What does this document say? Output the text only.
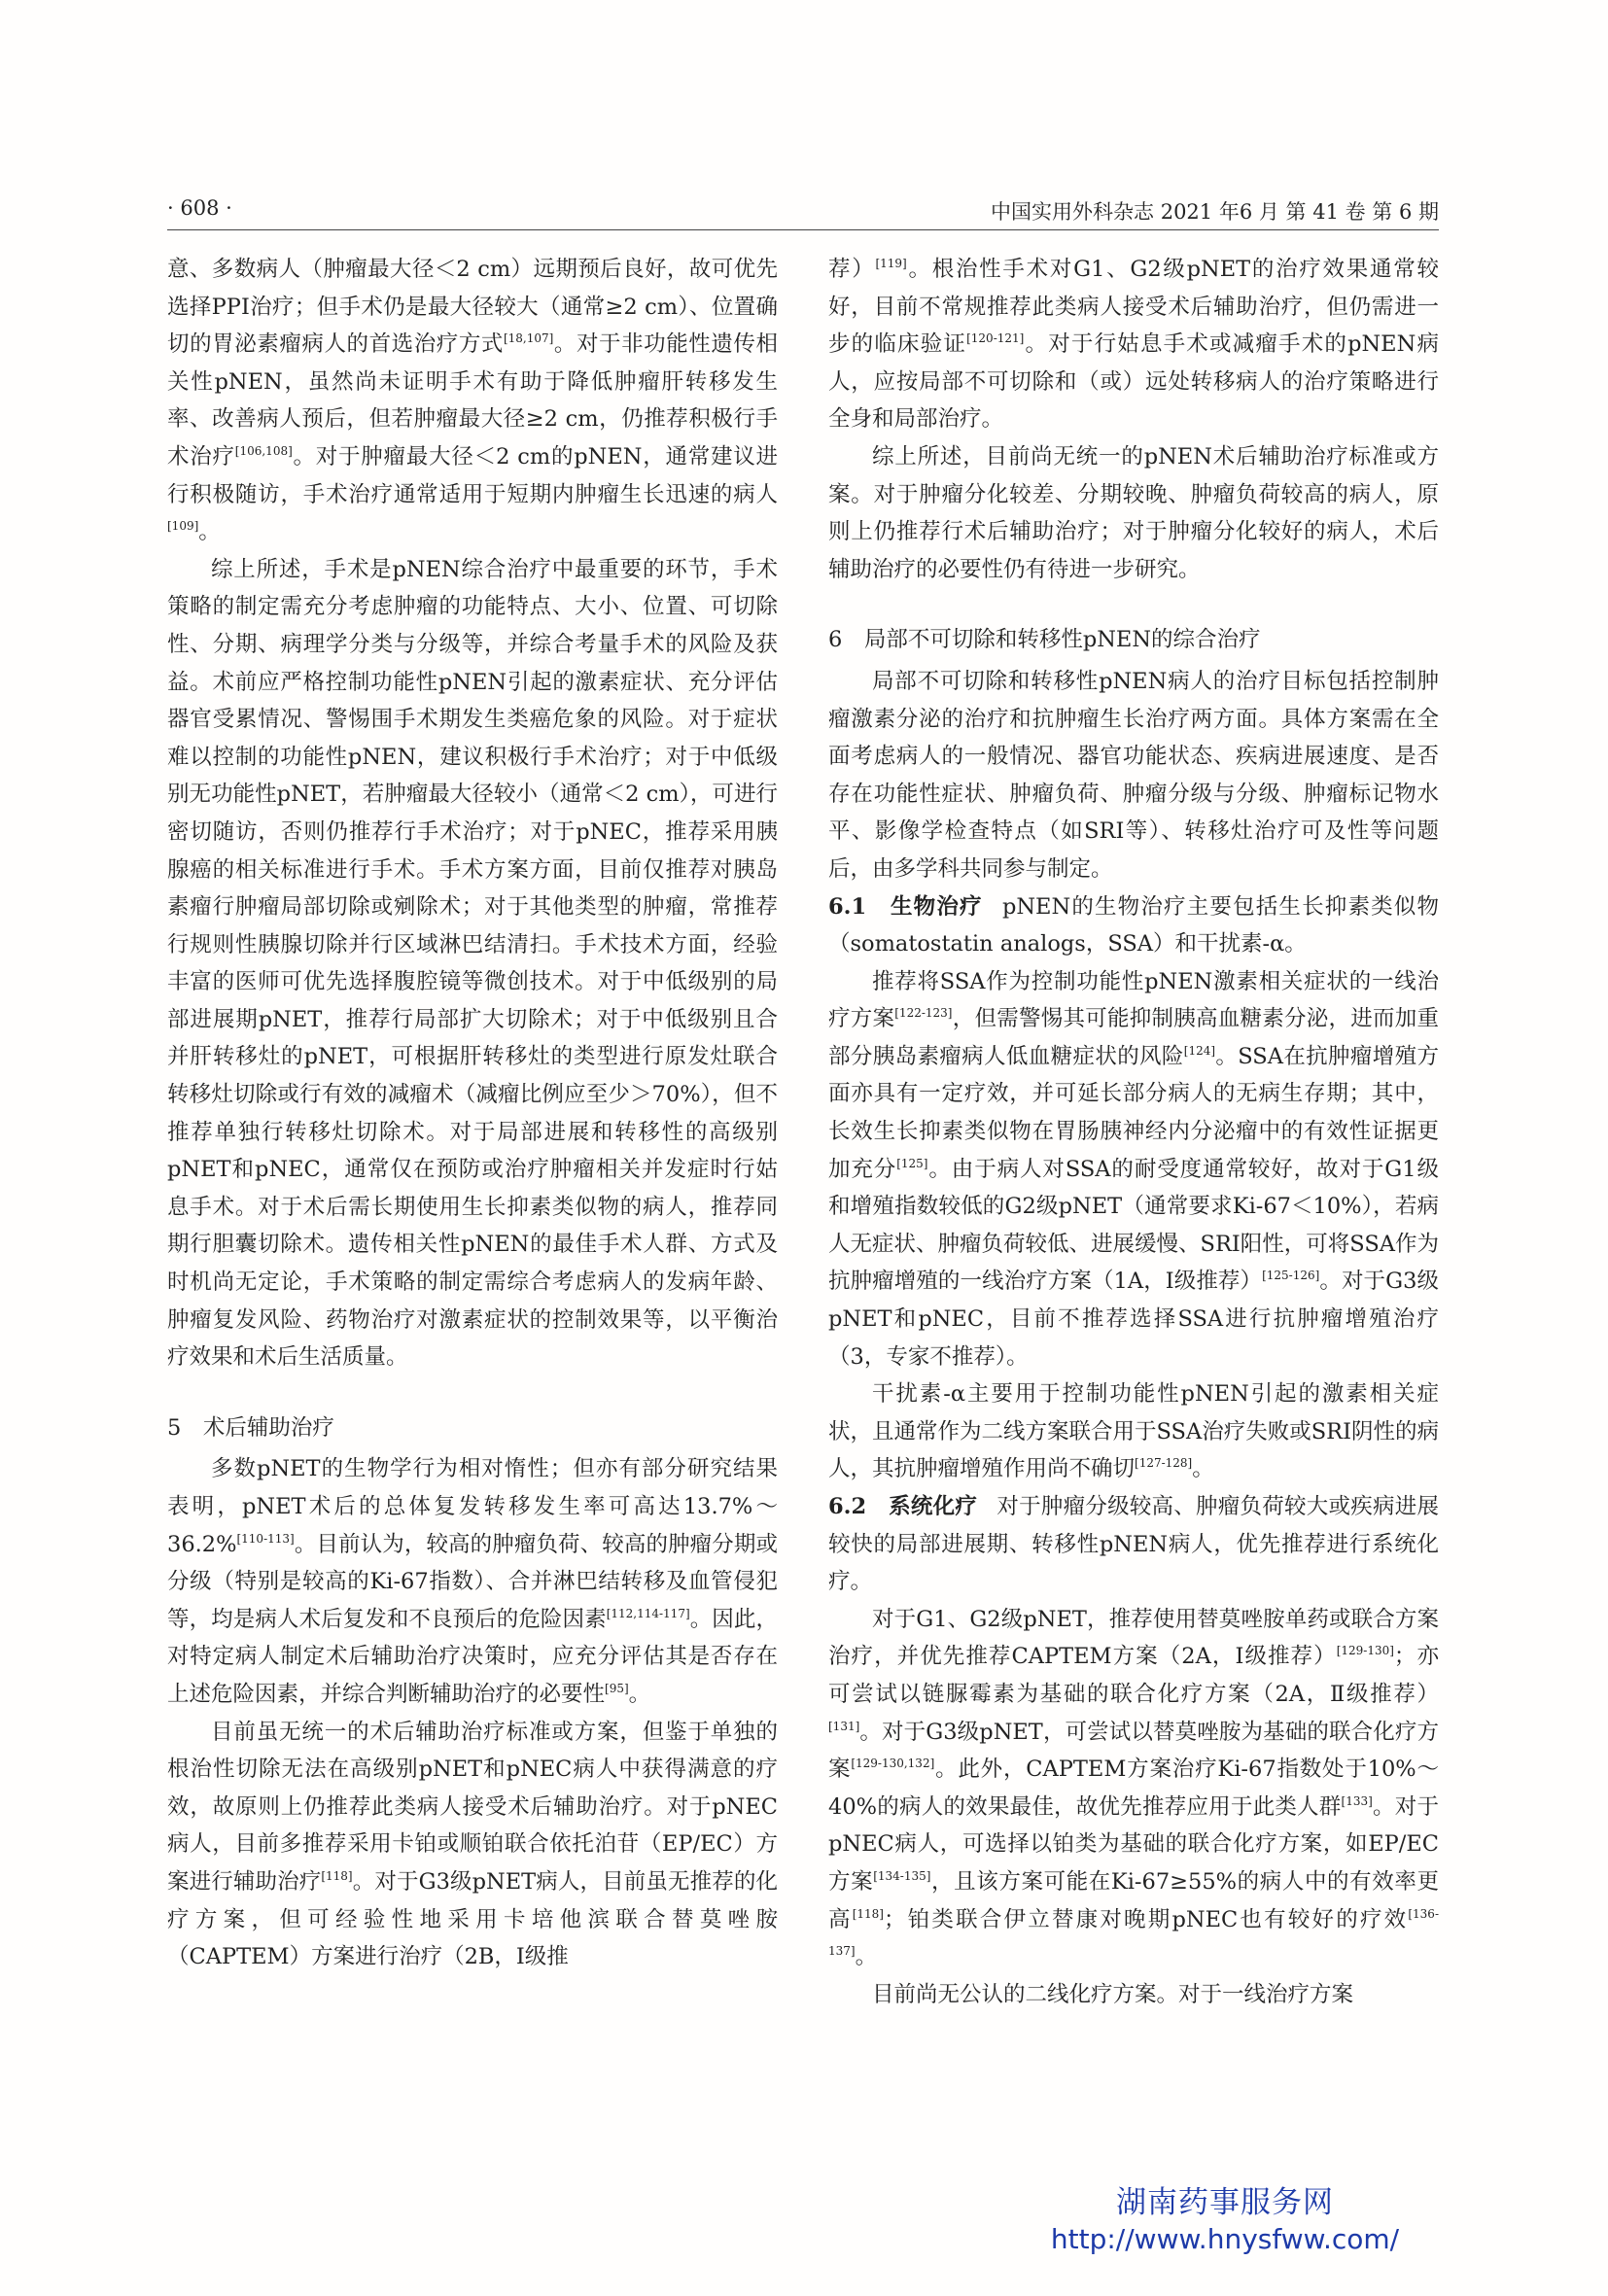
· 608 ·	中国实用外科杂志 2021 年6 月 第 41 卷 第 6 期

意、多数病人（肿瘤最大径＜2 cm）远期预后良好，故可优先选择PPI治疗；但手术仍是最大径较大（通常≥2 cm）、位置确切的胃泌素瘤病人的首选治疗方式[18,107]。对于非功能性遗传相关性pNEN，虽然尚未证明手术有助于降低肿瘤肝转移发生率、改善病人预后，但若肿瘤最大径≥2 cm，仍推荐积极行手术治疗[106,108]。对于肿瘤最大径＜2 cm的pNEN，通常建议进行积极随访，手术治疗通常适用于短期内肿瘤生长迅速的病人[109]。

综上所述，手术是pNEN综合治疗中最重要的环节，手术策略的制定需充分考虑肿瘤的功能特点、大小、位置、可切除性、分期、病理学分类与分级等，并综合考量手术的风险及获益。术前应严格控制功能性pNEN引起的激素症状、充分评估器官受累情况、警惕围手术期发生类癌危象的风险。对于症状难以控制的功能性pNEN，建议积极行手术治疗；对于中低级别无功能性pNET，若肿瘤最大径较小（通常＜2 cm），可进行密切随访，否则仍推荐行手术治疗；对于pNEC，推荐采用胰腺癌的相关标准进行手术。手术方案方面，目前仅推荐对胰岛素瘤行肿瘤局部切除或剜除术；对于其他类型的肿瘤，常推荐行规则性胰腺切除并行区域淋巴结清扫。手术技术方面，经验丰富的医师可优先选择腹腔镜等微创技术。对于中低级别的局部进展期pNET，推荐行局部扩大切除术；对于中低级别且合并肝转移灶的pNET，可根据肝转移灶的类型进行原发灶联合转移灶切除或行有效的减瘤术（减瘤比例应至少＞70%），但不推荐单独行转移灶切除术。对于局部进展和转移性的高级别pNET和pNEC，通常仅在预防或治疗肿瘤相关并发症时行姑息手术。对于术后需长期使用生长抑素类似物的病人，推荐同期行胆囊切除术。遗传相关性pNEN的最佳手术人群、方式及时机尚无定论，手术策略的制定需综合考虑病人的发病年龄、肿瘤复发风险、药物治疗对激素症状的控制效果等，以平衡治疗效果和术后生活质量。

5　术后辅助治疗

多数pNET的生物学行为相对惰性；但亦有部分研究结果表明，pNET术后的总体复发转移发生率可高达13.7%～36.2%[110-113]。目前认为，较高的肿瘤负荷、较高的肿瘤分期或分级（特别是较高的Ki-67指数）、合并淋巴结转移及血管侵犯等，均是病人术后复发和不良预后的危险因素[112,114-117]。因此，对特定病人制定术后辅助治疗决策时，应充分评估其是否存在上述危险因素，并综合判断辅助治疗的必要性[95]。

目前虽无统一的术后辅助治疗标准或方案，但鉴于单独的根治性切除无法在高级别pNET和pNEC病人中获得满意的疗效，故原则上仍推荐此类病人接受术后辅助治疗。对于pNEC病人，目前多推荐采用卡铂或顺铂联合依托泊苷（EP/EC）方案进行辅助治疗[118]。对于G3级pNET病人，目前虽无推荐的化疗方案，但可经验性地采用卡培他滨联合替莫唑胺（CAPTEM）方案进行治疗（2B，Ⅰ级推

荐）[119]。根治性手术对G1、G2级pNET的治疗效果通常较好，目前不常规推荐此类病人接受术后辅助治疗，但仍需进一步的临床验证[120-121]。对于行姑息手术或减瘤手术的pNEN病人，应按局部不可切除和（或）远处转移病人的治疗策略进行全身和局部治疗。

综上所述，目前尚无统一的pNEN术后辅助治疗标准或方案。对于肿瘤分化较差、分期较晚、肿瘤负荷较高的病人，原则上仍推荐行术后辅助治疗；对于肿瘤分化较好的病人，术后辅助治疗的必要性仍有待进一步研究。

6　局部不可切除和转移性pNEN的综合治疗

局部不可切除和转移性pNEN病人的治疗目标包括控制肿瘤激素分泌的治疗和抗肿瘤生长治疗两方面。具体方案需在全面考虑病人的一般情况、器官功能状态、疾病进展速度、是否存在功能性症状、肿瘤负荷、肿瘤分级与分级、肿瘤标记物水平、影像学检查特点（如SRI等）、转移灶治疗可及性等问题后，由多学科共同参与制定。

6.1　生物治疗 pNEN的生物治疗主要包括生长抑素类似物（somatostatin analogs，SSA）和干扰素-α。

推荐将SSA作为控制功能性pNEN激素相关症状的一线治疗方案[122-123]，但需警惕其可能抑制胰高血糖素分泌，进而加重部分胰岛素瘤病人低血糖症状的风险[124]。SSA在抗肿瘤增殖方面亦具有一定疗效，并可延长部分病人的无病生存期；其中，长效生长抑素类似物在胃肠胰神经内分泌瘤中的有效性证据更加充分[125]。由于病人对SSA的耐受度通常较好，故对于G1级和增殖指数较低的G2级pNET（通常要求Ki-67＜10%），若病人无症状、肿瘤负荷较低、进展缓慢、SRI阳性，可将SSA作为抗肿瘤增殖的一线治疗方案（1A，Ⅰ级推荐）[125-126]。对于G3级pNET和pNEC，目前不推荐选择SSA进行抗肿瘤增殖治疗（3，专家不推荐）。

干扰素-α主要用于控制功能性pNEN引起的激素相关症状，且通常作为二线方案联合用于SSA治疗失败或SRI阴性的病人，其抗肿瘤增殖作用尚不确切[127-128]。

6.2　系统化疗 对于肿瘤分级较高、肿瘤负荷较大或疾病进展较快的局部进展期、转移性pNEN病人，优先推荐进行系统化疗。

对于G1、G2级pNET，推荐使用替莫唑胺单药或联合方案治疗，并优先推荐CAPTEM方案（2A，Ⅰ级推荐）[129-130]；亦可尝试以链脲霉素为基础的联合化疗方案（2A，Ⅱ级推荐）[131]。对于G3级pNET，可尝试以替莫唑胺为基础的联合化疗方案[129-130,132]。此外，CAPTEM方案治疗Ki-67指数处于10%～40%的病人的效果最佳，故优先推荐应用于此类人群[133]。对于pNEC病人，可选择以铂类为基础的联合化疗方案，如EP/EC方案[134-135]，且该方案可能在Ki-67≥55%的病人中的有效率更高[118]；铂类联合伊立替康对晚期pNEC也有较好的疗效[136-137]。

目前尚无公认的二线化疗方案。对于一线治疗方案

湖南药事服务网
http://www.hnysfww.com/
